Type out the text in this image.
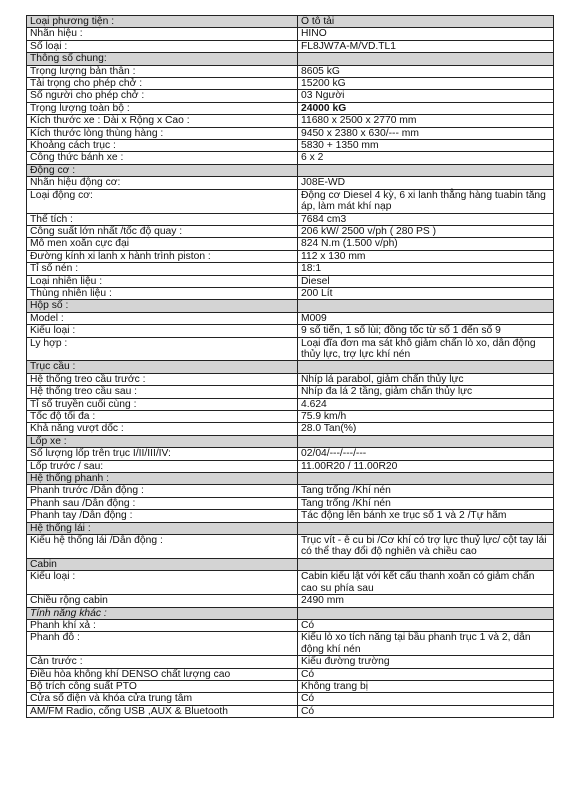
Loại phương tiện :	Ô tô tải
Nhãn hiệu :	HINO
Số loại :	FL8JW7A-M/VD.TL1
Thông số chung:	
Trọng lượng bản thân :	8605 kG
Tải trọng cho phép chở :	15200 kG
Số người cho phép chở :	03 Người
Trọng lượng toàn bộ :	24000 kG
Kích thước xe : Dài x Rộng x Cao :	11680 x 2500 x 2770 mm
Kích thước lòng thùng hàng :	9450 x 2380 x 630/--- mm
Khoảng cách trục :	5830 + 1350 mm
Công thức bánh xe :	6 x 2
Động cơ :	
Nhãn hiệu động cơ:	J08E-WD
Loại động cơ:	Động cơ Diesel 4 kỳ, 6 xi lanh thẳng hàng tuabin tăng áp, làm mát khí nạp
Thể tích :	7684 cm3
Công suất lớn nhất /tốc độ quay :	206 kW/ 2500 v/ph ( 280 PS )
Mô men xoắn cực đại	824 N.m (1.500 v/ph)
Đường kính xi lanh x hành trình piston :	112 x 130 mm
Tỉ số nén :	18:1
Loại nhiên liệu :	Diesel
Thùng nhiên liệu :	200 Lít
Hộp số :	
Model :	M009
Kiểu loại :	9 số tiến, 1 số lùi; đồng tốc từ số 1 đến số 9
Ly hợp :	Loại đĩa đơn ma sát khô giảm chấn lò xo, dẫn động thủy lực, trợ lực khí nén
Trục cầu :	
Hệ thống treo cầu trước :	Nhíp lá parabol, giảm chấn thủy lực
Hệ thống treo cầu sau :	Nhíp đa lá 2 tầng, giảm chấn thủy lực
Tỉ số truyền cuối cùng :	4.624
Tốc độ tối đa :	75.9 km/h
Khả năng vượt dốc :	28.0 Tan(%)
Lốp xe :	
Số lượng lốp trên trục I/II/III/IV:	02/04/---/---/---
Lốp trước / sau:	11.00R20 / 11.00R20
Hệ thống phanh :	
Phanh trước /Dẫn động :	Tang trống /Khí nén
Phanh sau /Dẫn động :	Tang trống /Khí nén
Phanh tay /Dẫn động :	Tác động lên bánh xe trục số 1 và 2 /Tự hãm
Hệ thống lái :	
Kiểu hệ thống lái /Dẫn động :	Trục vít - ê cu bi /Cơ khí có trợ lực thuỷ lực/ cột tay lái có thể thay đổi độ nghiên và chiều cao
Cabin	
Kiểu loại :	Cabin kiểu lật với kết cấu thanh xoắn có giảm chấn cao su phía sau
Chiều rộng cabin	2490 mm
Tính năng khác :	
Phanh khí xả :	Có
Phanh đỗ :	Kiểu lò xo tích năng tại bầu phanh trục 1 và 2, dẫn động khí nén
Cản trước :	Kiểu đường trường
Điều hòa không khí DENSO chất lượng cao	Có
Bộ trích công suất PTO	Không trang bị
Cửa sổ điện và khóa cửa trung tâm	Có
AM/FM Radio, cổng USB ,AUX & Bluetooth	Có
